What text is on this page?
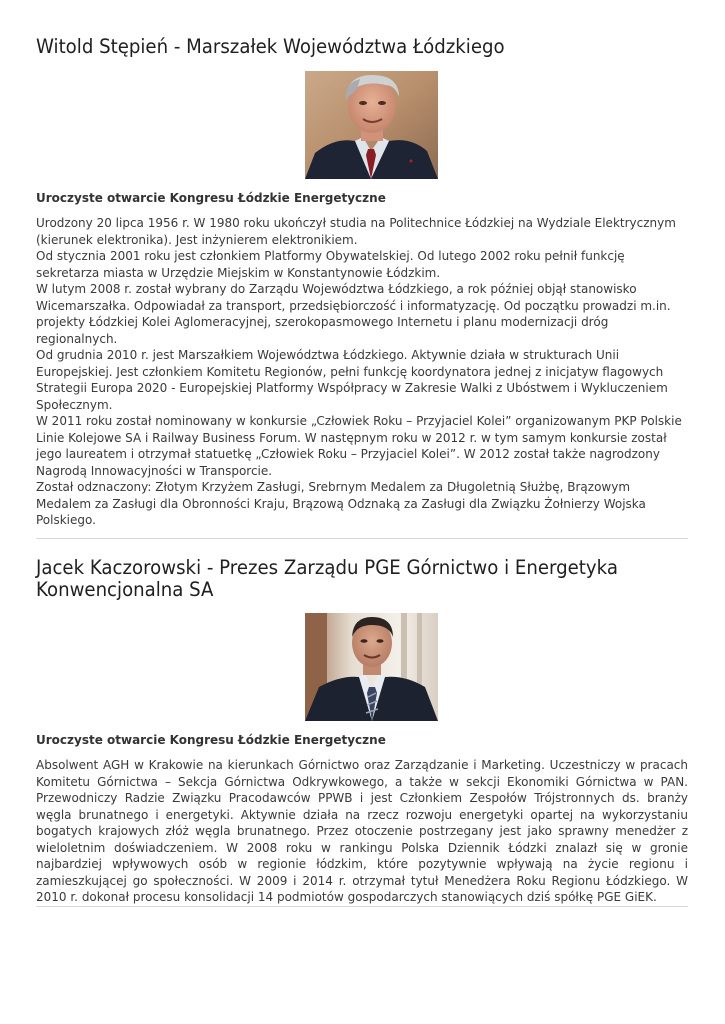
Witold Stępień - Marszałek Województwa Łódzkiego
Uroczyste otwarcie Kongresu Łódzkie Energetyczne

Urodzony 20 lipca 1956 r. W 1980 roku ukończył studia na Politechnice Łódzkiej na Wydziale Elektrycznym (kierunek elektronika). Jest inżynierem elektronikiem.

Od stycznia 2001 roku jest członkiem Platformy Obywatelskiej. Od lutego 2002 roku pełnił funkcję sekretarza miasta w Urzędzie Miejskim w Konstantynowie Łódzkim.

W lutym 2008 r. został wybrany do Zarządu Województwa Łódzkiego, a rok później objął stanowisko Wicemarszałka. Odpowiadał za transport, przedsiębiorczość i informatyzację. Od początku prowadzi m.in. projekty Łódzkiej Kolei Aglomeracyjnej, szerokopasmowego Internetu i planu modernizacji dróg regionalnych.

Od grudnia 2010 r. jest Marszałkiem Województwa Łódzkiego. Aktywnie działa w strukturach Unii Europejskiej. Jest członkiem Komitetu Regionów, pełni funkcję koordynatora jednej z inicjatyw flagowych Strategii Europa 2020 - Europejskiej Platformy Współpracy w Zakresie Walki z Ubóstwem i Wykluczeniem Społecznym.

W 2011 roku został nominowany w konkursie „Człowiek Roku – Przyjaciel Kolei” organizowanym PKP Polskie Linie Kolejowe SA i Railway Business Forum. W następnym roku w 2012 r. w tym samym konkursie został jego laureatem i otrzymał statuetkę „Człowiek Roku – Przyjaciel Kolei”. W 2012 został także nagrodzony Nagrodą Innowacyjności w Transporcie.

Został odznaczony: Złotym Krzyżem Zasługi, Srebrnym Medalem za Długoletnią Służbę, Brązowym Medalem za Zasługi dla Obronności Kraju, Brązową Odznaką za Zasługi dla Związku Żołnierzy Wojska Polskiego.

Jacek Kaczorowski - Prezes Zarządu PGE Górnictwo i Energetyka
Konwencjonalna SA
Uroczyste otwarcie Kongresu Łódzkie Energetyczne

Absolwent AGH w Krakowie na kierunkach Górnictwo oraz Zarządzanie i Marketing. Uczestniczy w pracach Komitetu Górnictwa – Sekcja Górnictwa Odkrywkowego, a także w sekcji Ekonomiki Górnictwa w PAN. Przewodniczy Radzie Związku Pracodawców PPWB i jest Członkiem Zespołów Trójstronnych ds. branży węgla brunatnego i energetyki. Aktywnie działa na rzecz rozwoju energetyki opartej na wykorzystaniu bogatych krajowych złóż węgla brunatnego. Przez otoczenie postrzegany jest jako sprawny menedżer z wieloletnim doświadczeniem. W 2008 roku w rankingu Polska Dziennik Łódzki znalazł się w gronie najbardziej wpływowych osób w regionie łódzkim, które pozytywnie wpływają na życie regionu i zamieszkującej go społeczności. W 2009 i 2014 r. otrzymał tytuł Menedżera Roku Regionu Łódzkiego. W 2010 r. dokonał procesu konsolidacji 14 podmiotów gospodarczych stanowiących dziś spółkę PGE GiEK.
